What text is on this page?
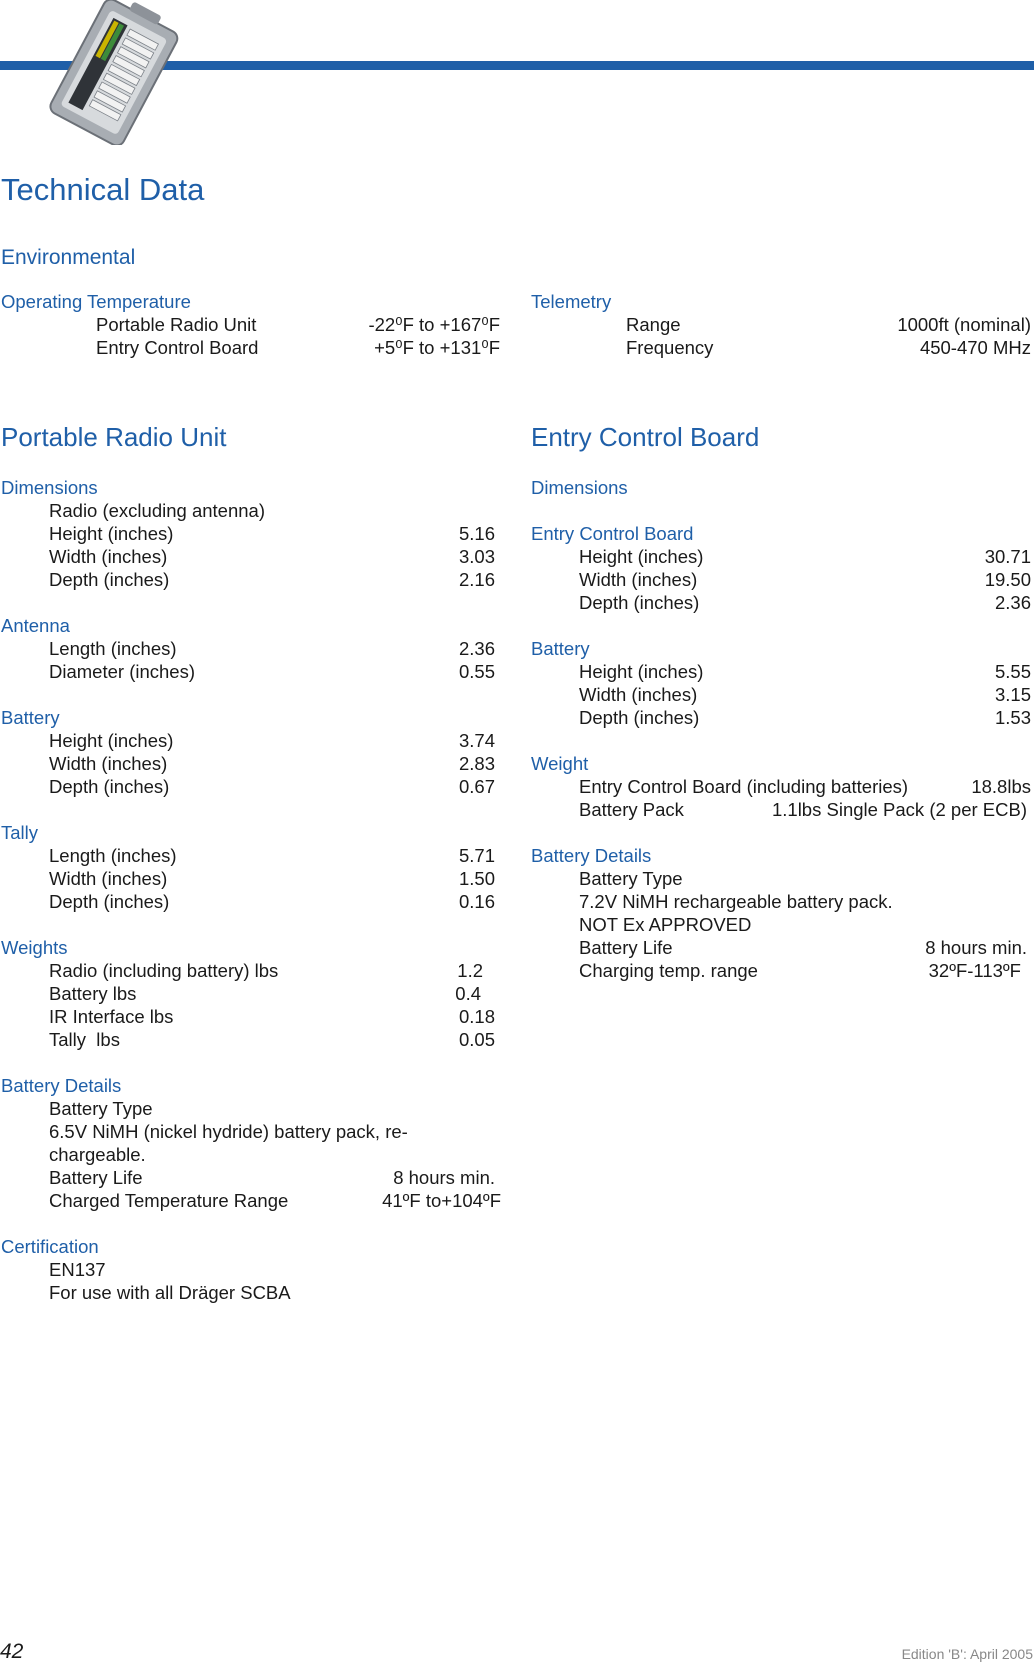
Technical Data
Environmental
Operating Temperature
Portable Radio Unit	-22⁰F to +167⁰F
Entry Control Board	+5⁰F to +131⁰F
Telemetry
Range	1000ft (nominal)
Frequency	450-470 MHz
Portable Radio Unit	Entry Control Board
Dimensions
Radio (excluding antenna)
Height (inches)	5.16
Width (inches)	3.03
Depth (inches)	2.16
Antenna
Length (inches)	2.36
Diameter (inches)	0.55
Battery
Height (inches)	3.74
Width (inches)	2.83
Depth (inches)	0.67
Tally
Length (inches)	5.71
Width (inches)	1.50
Depth (inches)	0.16
Weights
Radio (including battery) lbs	1.2
Battery lbs	0.4
IR Interface lbs	0.18
Tally  lbs	0.05
Battery Details
Battery Type
6.5V NiMH (nickel hydride) battery pack, re-
chargeable.
Battery Life	8 hours min.
Charged Temperature Range	41ºF to+104ºF
Certification
EN137
For use with all Dräger SCBA
Dimensions
Entry Control Board
Height (inches)	30.71
Width (inches)	19.50
Depth (inches)	2.36
Battery
Height (inches)	5.55
Width (inches)	3.15
Depth (inches)	1.53
Weight
Entry Control Board (including batteries)	18.8lbs
Battery Pack	1.1lbs Single Pack (2 per ECB)
Battery Details
Battery Type
7.2V NiMH rechargeable battery pack.
NOT Ex APPROVED
Battery Life	8 hours min.
Charging temp. range	32ºF-113ºF
42	Edition 'B': April 2005
